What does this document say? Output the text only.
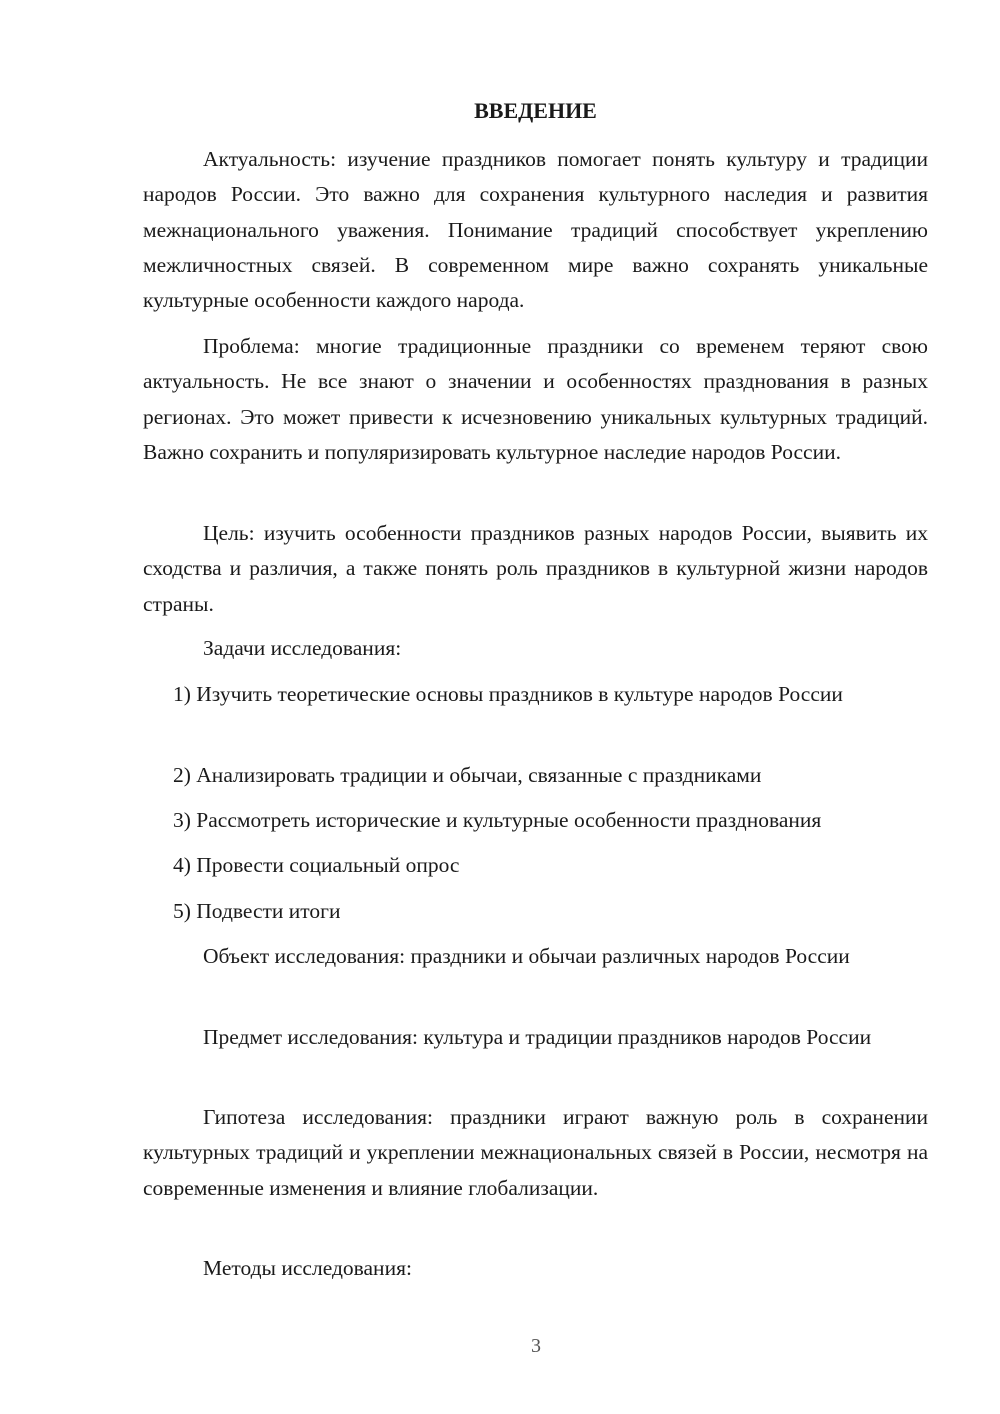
ВВЕДЕНИЕ

Актуальность: изучение праздников помогает понять культуру и традиции народов России. Это важно для сохранения культурного наследия и развития межнационального уважения. Понимание традиций способствует укреплению межличностных связей. В современном мире важно сохранять уникальные культурные особенности каждого народа.

Проблема: многие традиционные праздники со временем теряют свою актуальность. Не все знают о значении и особенностях празднования в разных регионах. Это может привести к исчезновению уникальных культурных традиций. Важно сохранить и популяризировать культурное наследие народов России.

Цель: изучить особенности праздников разных народов России, выявить их сходства и различия, а также понять роль праздников в культурной жизни народов страны.

Задачи исследования:

1) Изучить теоретические основы праздников в культуре народов России

2) Анализировать традиции и обычаи, связанные с праздниками

3) Рассмотреть исторические и культурные особенности празднования

4) Провести социальный опрос

5) Подвести итоги

Объект исследования: праздники и обычаи различных народов России

Предмет исследования: культура и традиции праздников народов России

Гипотеза исследования: праздники играют важную роль в сохранении культурных традиций и укреплении межнациональных связей в России, несмотря на современные изменения и влияние глобализации.

Методы исследования:

3
